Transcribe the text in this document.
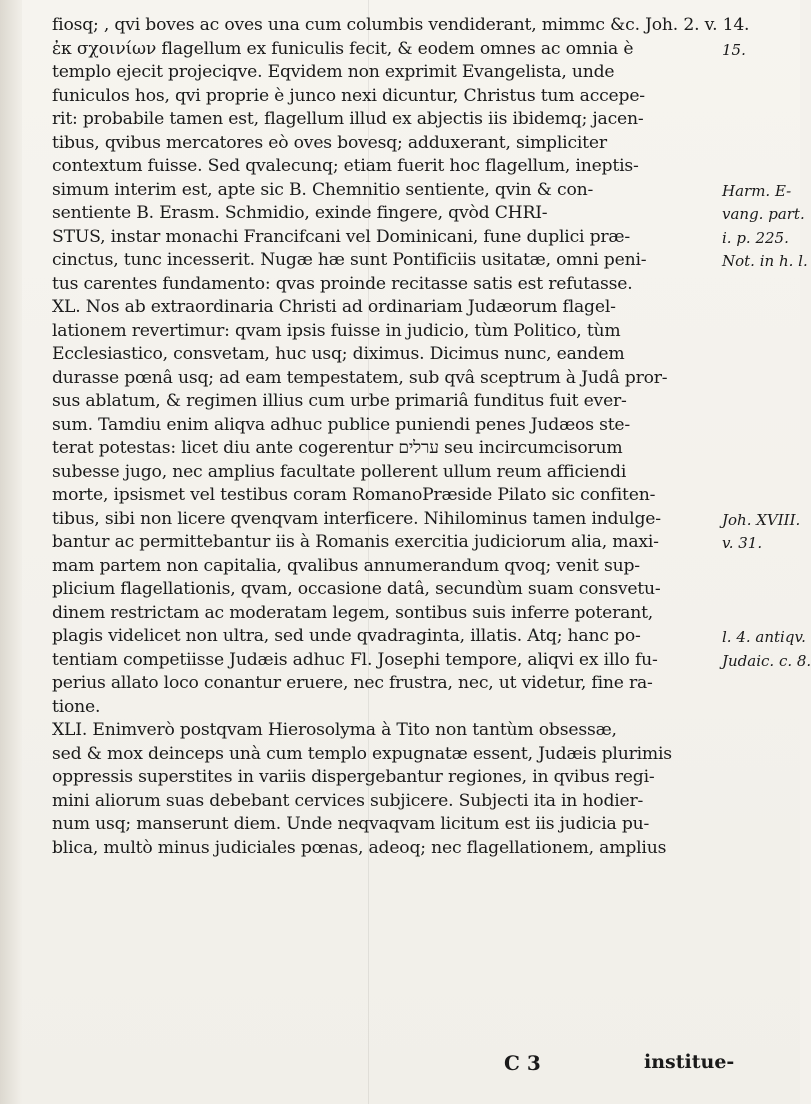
fiosq; , qvi boves ac oves una cum columbis vendiderant, mimmc &c. Joh. 2. v. 14.
ἐκ σχοινίων flagellum ex funiculis fecit, & eodem omnes ac omnia è
templo ejecit projeciqve. Eqvidem non exprimit Evangelista, unde
funiculos hos, qvi proprie è junco nexi dicuntur, Christus tum accepe-
rit: probabile tamen est, flagellum illud ex abjectis iis ibidemq; jacen-
tibus, qvibus mercatores eò oves bovesq; adduxerant, simpliciter
contextum fuisse. Sed qvalecunq; etiam fuerit hoc flagellum, ineptis-
simum interim est, apte sic B. Chemnitio sentiente, qvin & con-
sentiente B. Erasm. Schmidio, exinde fingere, qvòd CHRI-
STUS, instar monachi Francifcani vel Dominicani, fune duplici præ-
cinctus, tunc incesserit. Nugæ hæ sunt Pontificiis usitatæ, omni peni-
tus carentes fundamento: qvas proinde recitasse satis est refutasse.
XL. Nos ab extraordinaria Christi ad ordinariam Judæorum flagel-
lationem revertimur: qvam ipsis fuisse in judicio, tùm Politico, tùm
Ecclesiastico, consvetam, huc usq; diximus. Dicimus nunc, eandem
durasse pœnâ usq; ad eam tempestatem, sub qvâ sceptrum à Judâ pror-
sus ablatum, & regimen illius cum urbe primariâ funditus fuit ever-
sum. Tamdiu enim aliqva adhuc publice puniendi penes Judæos ste-
terat potestas: licet diu ante cogerentur ערלים seu incircumcisorum
subesse jugo, nec amplius facultate pollerent ullum reum afficiendi
morte, ipsismet vel testibus coram RomanoPræside Pilato sic confiten-
tibus, sibi non licere qvenqvam interficere. Nihilominus tamen indulge-
bantur ac permittebantur iis à Romanis exercitia judiciorum alia, maxi-
mam partem non capitalia, qvalibus annumerandum qvoq; venit sup-
plicium flagellationis, qvam, occasione datâ, secundùm suam consvetu-
dinem restrictam ac moderatam legem, sontibus suis inferre poterant,
plagis videlicet non ultra, sed unde qvadraginta, illatis. Atq; hanc po-
tentiam competiisse Judæis adhuc Fl. Josephi tempore, aliqvi ex illo fu-
perius allato loco conantur eruere, nec frustra, nec, ut videtur, fine ra-
tione.
XLI. Enimverò postqvam Hierosolyma à Tito non tantùm obsessæ,
sed & mox deinceps unà cum templo expugnatæ essent, Judæis plurimis
oppressis superstites in variis dispergebantur regiones, in qvibus regi-
mini aliorum suas debebant cervices subjicere. Subjecti ita in hodier-
num usq; manserunt diem. Unde neqvaqvam licitum est iis judicia pu-
blica, multò minus judiciales pœnas, adeoq; nec flagellationem, amplius
15.
Harm. E-
vang. part.
i. p. 225.
Not. in h. l.
Joh. XVIII.
v. 31.
l. 4. antiqv.
Judaic. c. 8.
C 3	institue-
